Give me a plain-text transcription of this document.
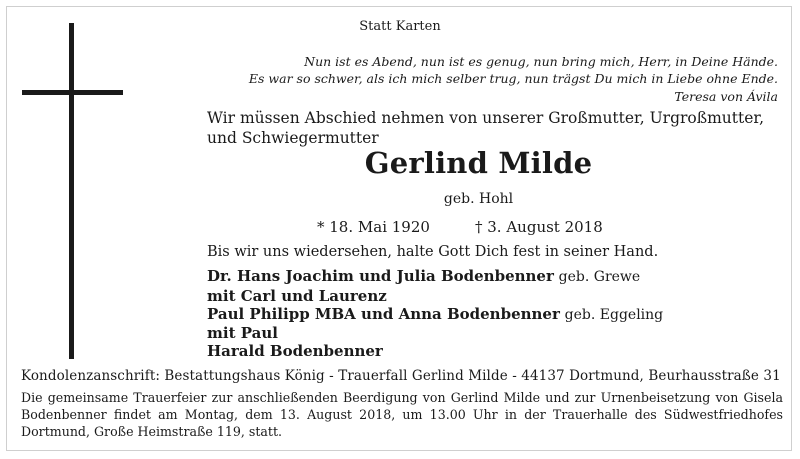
Statt Karten
Nun ist es Abend, nun ist es genug, nun bring mich, Herr, in Deine Hände.
Es war so schwer, als ich mich selber trug, nun trägst Du mich in Liebe ohne Ende.
Teresa von Ávila
Wir müssen Abschied nehmen von unserer Großmutter, Urgroßmutter,
und Schwiegermutter
Gerlind Milde
geb. Hohl
* 18. Mai 1920	† 3. August 2018
Bis wir uns wiedersehen, halte Gott Dich fest in seiner Hand.
Dr. Hans Joachim und Julia Bodenbenner geb. Grewe
mit Carl und Laurenz
Paul Philipp MBA und Anna Bodenbenner geb. Eggeling
mit Paul
Harald Bodenbenner
Kondolenzanschrift: Bestattungshaus König - Trauerfall Gerlind Milde - 44137 Dortmund, Beurhausstraße 31
Die gemeinsame Trauerfeier zur anschließenden Beerdigung von Gerlind Milde und zur Urnenbeisetzung von Gisela Bodenbenner findet am Montag, dem 13. August 2018, um 13.00 Uhr in der Trauerhalle des Südwestfriedhofes Dortmund, Große Heimstraße 119, statt.
